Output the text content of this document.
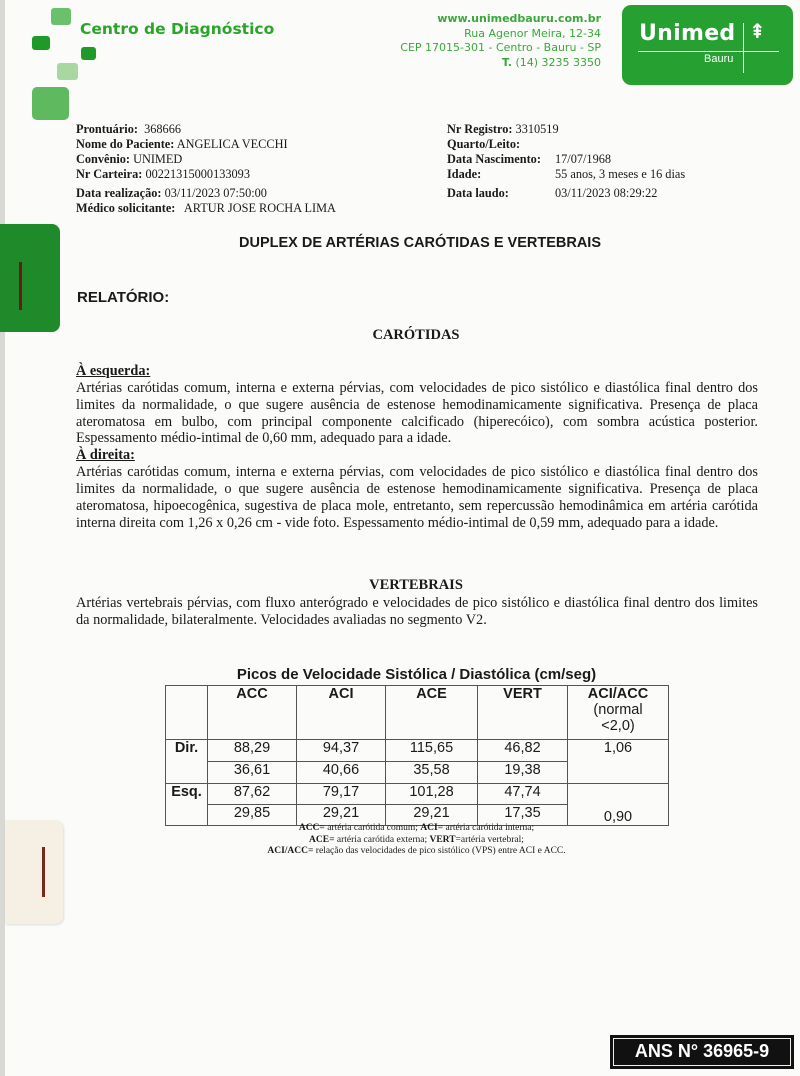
Centro de Diagnóstico
www.unimedbauru.com.br
Rua Agenor Meira, 12-34
CEP 17015-301 - Centro - Bauru - SP
T. (14) 3235 3350
Unimed ⇞
Bauru
Prontuário: 368666
Nome do Paciente: ANGELICA VECCHI
Convênio: UNIMED
Nr Carteira: 00221315000133093
Data realização: 03/11/2023 07:50:00
Médico solicitante: ARTUR JOSE ROCHA LIMA
Nr Registro: 3310519
Quarto/Leito:
Data Nascimento: 17/07/1968
Idade:	55 anos, 3 meses e 16 dias
Data laudo:	03/11/2023 08:29:22
DUPLEX DE ARTÉRIAS CARÓTIDAS E VERTEBRAIS
RELATÓRIO:
CARÓTIDAS
À esquerda:
Artérias carótidas comum, interna e externa pérvias, com velocidades de pico sistólico e diastólica final dentro dos limites da normalidade, o que sugere ausência de estenose hemodinamicamente significativa. Presença de placa ateromatosa em bulbo, com principal componente calcificado (hiperecóico), com sombra acústica posterior. Espessamento médio-intimal de 0,60 mm, adequado para a idade.
À direita:
Artérias carótidas comum, interna e externa pérvias, com velocidades de pico sistólico e diastólica final dentro dos limites da normalidade, o que sugere ausência de estenose hemodinamicamente significativa. Presença de placa ateromatosa, hipoecogênica, sugestiva de placa mole, entretanto, sem repercussão hemodinâmica em artéria carótida interna direita com 1,26 x 0,26 cm - vide foto. Espessamento médio-intimal de 0,59 mm, adequado para a idade.
VERTEBRAIS
Artérias vertebrais pérvias, com fluxo anterógrado e velocidades de pico sistólico e diastólica final dentro dos limites da normalidade, bilateralmente. Velocidades avaliadas no segmento V2.
Picos de Velocidade Sistólica / Diastólica (cm/seg)
	ACC	ACI	ACE	VERT	ACI/ACC
(normal
<2,0)

Dir.	88,29	94,37	115,65	46,82	1,06
	36,61	40,66	35,58	19,38	
Esq.	87,62	79,17	101,28	47,74	0,90
	29,85	29,21	29,21	17,35	
ACC= artéria carótida comum; ACI= artéria carótida interna;
ACE= artéria carótida externa; VERT=artéria vertebral;
ACI/ACC= relação das velocidades de pico sistólico (VPS) entre ACI e ACC.
ANS N° 36965-9
